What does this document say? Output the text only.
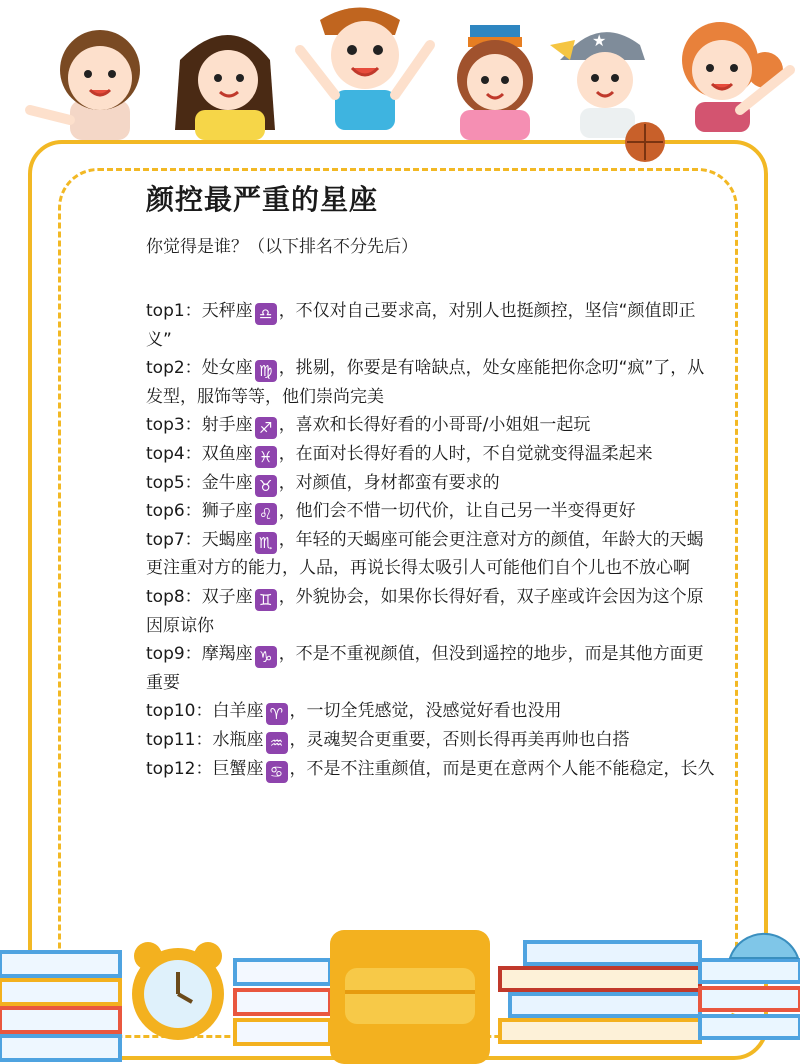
★
颜控最严重的星座
你觉得是谁？（以下排名不分先后）
top1：天秤座 ♎ ，不仅对自己要求高，对别人也挺颜控，坚信“颜值即正义”
top2：处女座 ♍ ，挑剔，你要是有啥缺点，处女座能把你念叨“疯”了，从发型，服饰等等，他们崇尚完美
top3：射手座 ♐ ，喜欢和长得好看的小哥哥/小姐姐一起玩
top4：双鱼座 ♓ ，在面对长得好看的人时，不自觉就变得温柔起来
top5：金牛座 ♉ ，对颜值，身材都蛮有要求的
top6：狮子座 ♌ ，他们会不惜一切代价，让自己另一半变得更好
top7：天蝎座 ♏ ，年轻的天蝎座可能会更注意对方的颜值，年龄大的天蝎更注重对方的能力，人品，再说长得太吸引人可能他们自个儿也不放心啊
top8：双子座 ♊ ，外貌协会，如果你长得好看，双子座或许会因为这个原因原谅你
top9：摩羯座 ♑ ，不是不重视颜值，但没到遥控的地步，而是其他方面更重要
top10：白羊座 ♈ ，一切全凭感觉，没感觉好看也没用
top11：水瓶座 ♒ ，灵魂契合更重要，否则长得再美再帅也白搭
top12：巨蟹座 ♋ ，不是不注重颜值，而是更在意两个人能不能稳定，长久
